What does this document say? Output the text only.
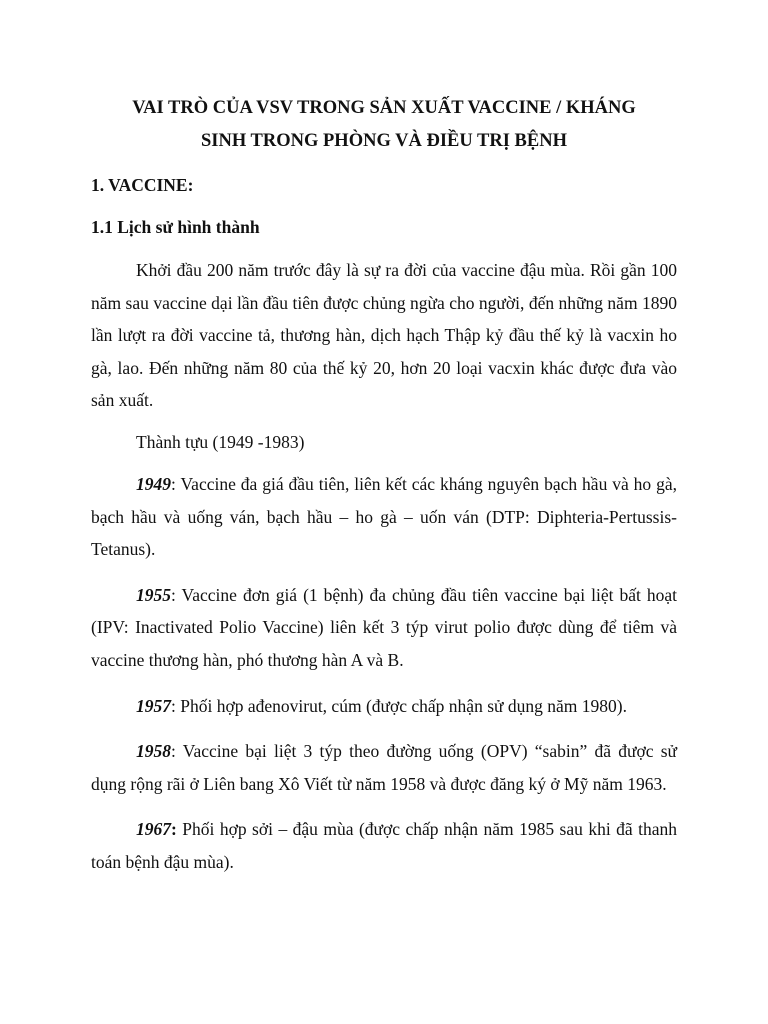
VAI TRÒ CỦA VSV TRONG SẢN XUẤT VACCINE / KHÁNG
SINH TRONG PHÒNG VÀ ĐIỀU TRỊ BỆNH
1. VACCINE:
1.1 Lịch sử hình thành

Khởi đầu 200 năm trước đây là sự ra đời của vaccine đậu mùa. Rồi gần 100 năm sau vaccine dại lần đầu tiên được chủng ngừa cho người, đến những năm 1890 lần lượt ra đời vaccine tả, thương hàn, dịch hạch Thập kỷ đầu thế kỷ là vacxin ho gà, lao. Đến những năm 80 của thế kỷ 20, hơn 20 loại vacxin khác được đưa vào sản xuất.

Thành tựu (1949 -1983)

1949: Vaccine đa giá đầu tiên, liên kết các kháng nguyên bạch hầu và ho gà, bạch hầu và uống ván, bạch hầu – ho gà – uốn ván (DTP: Diphteria-Pertussis-Tetanus).

1955: Vaccine đơn giá (1 bệnh) đa chủng đầu tiên vaccine bại liệt bất hoạt (IPV: Inactivated Polio Vaccine) liên kết 3 týp virut polio được dùng để tiêm và vaccine thương hàn, phó thương hàn A và B.

1957: Phối hợp ađenovirut, cúm (được chấp nhận sử dụng năm 1980).

1958: Vaccine bại liệt 3 týp theo đường uống (OPV) “sabin” đã được sử dụng rộng rãi ở Liên bang Xô Viết từ năm 1958 và được đăng ký ở Mỹ năm 1963.

1967: Phối hợp sởi – đậu mùa (được chấp nhận năm 1985 sau khi đã thanh toán bệnh đậu mùa).
